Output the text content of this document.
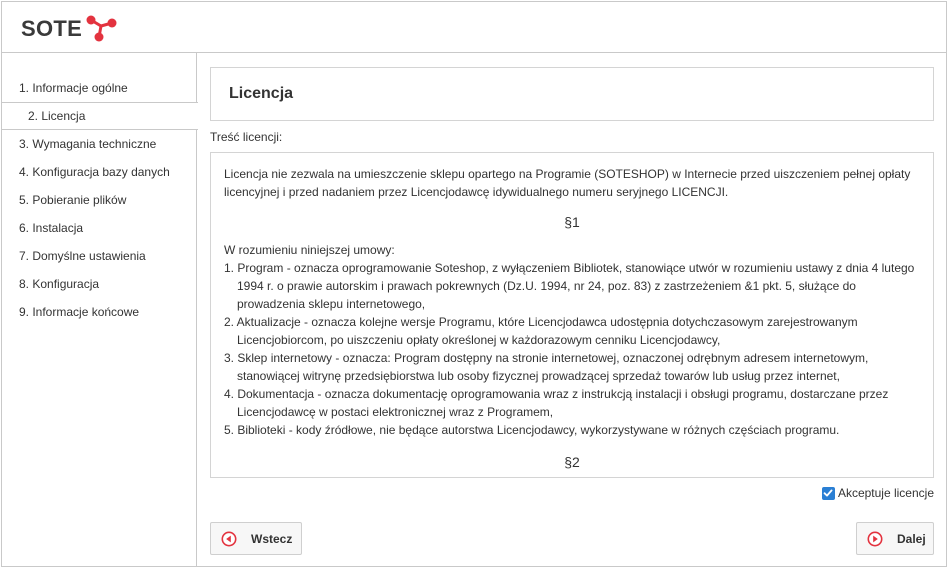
SOTE
1. Informacje ogólne
2. Licencja
3. Wymagania techniczne
4. Konfiguracja bazy danych
5. Pobieranie plików
6. Instalacja
7. Domyślne ustawienia
8. Konfiguracja
9. Informacje końcowe
Licencja
Treść licencji:

Licencja nie zezwala na umieszczenie sklepu opartego na Programie (SOTESHOP) w Internecie przed uiszczeniem pełnej opłaty licencyjnej i przed nadaniem przez Licencjodawcę idywidualnego numeru seryjnego LICENCJI.

§1

W rozumieniu niniejszej umowy:

1. Program - oznacza oprogramowanie Soteshop, z wyłączeniem Bibliotek, stanowiące utwór w rozumieniu ustawy z dnia 4 lutego 1994 r. o prawie autorskim i prawach pokrewnych (Dz.U. 1994, nr 24, poz. 83) z zastrzeżeniem &1 pkt. 5, służące do prowadzenia sklepu internetowego,
2. Aktualizacje - oznacza kolejne wersje Programu, które Licencjodawca udostępnia dotychczasowym zarejestrowanym Licencjobiorcom, po uiszczeniu opłaty określonej w każdorazowym cenniku Licencjodawcy,
3. Sklep internetowy - oznacza: Program dostępny na stronie internetowej, oznaczonej odrębnym adresem internetowym, stanowiącej witrynę przedsiębiorstwa lub osoby fizycznej prowadzącej sprzedaż towarów lub usług przez internet,
4. Dokumentacja - oznacza dokumentację oprogramowania wraz z instrukcją instalacji i obsługi programu, dostarczane przez Licencjodawcę w postaci elektronicznej wraz z Programem,
5. Biblioteki - kody źródłowe, nie będące autorstwa Licencjodawcy, wykorzystywane w różnych częściach programu.
§2
Akceptuje licencje
Wstecz	Dalej
